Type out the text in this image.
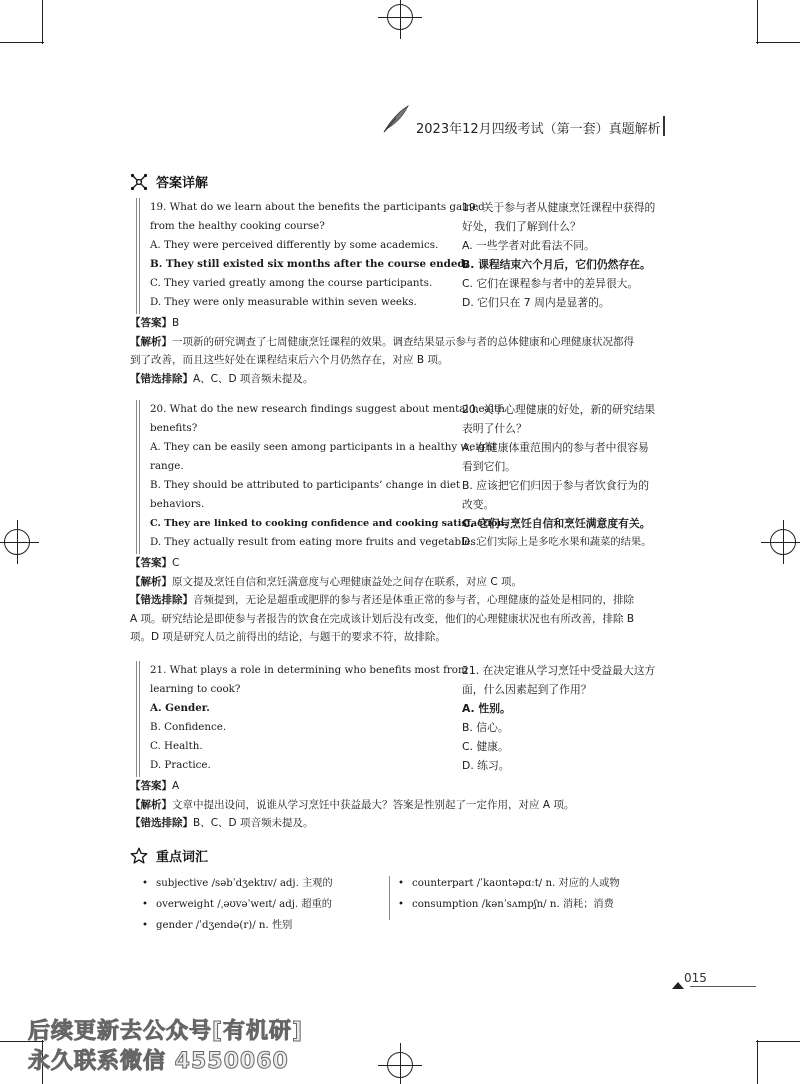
2023年12月四级考试（第一套）真题解析
答案详解

19. What do we learn about the benefits the participants gained

from the healthy cooking course?

A. They were perceived differently by some academics.

B. They still existed six months after the course ended.

C. They varied greatly among the course participants.

D. They were only measurable within seven weeks.

19. 关于参与者从健康烹饪课程中获得的

好处，我们了解到什么？

A. 一些学者对此看法不同。

B. 课程结束六个月后，它们仍然存在。

C. 它们在课程参与者中的差异很大。

D. 它们只在 7 周内是显著的。

【答案】B

【解析】一项新的研究调查了七周健康烹饪课程的效果。调查结果显示参与者的总体健康和心理健康状况都得

到了改善，而且这些好处在课程结束后六个月仍然存在，对应 B 项。

【错选排除】A、C、D 项音频未提及。

20. What do the new research findings suggest about mental health

benefits?

A. They can be easily seen among participants in a healthy weight

range.

B. They should be attributed to participants’ change in diet

behaviors.

C. They are linked to cooking confidence and cooking satisfaction.

D. They actually result from eating more fruits and vegetables.

20. 关于心理健康的好处，新的研究结果

表明了什么？

A. 在健康体重范围内的参与者中很容易

看到它们。

B. 应该把它们归因于参与者饮食行为的

改变。

C. 它们与烹饪自信和烹饪满意度有关。

D. 它们实际上是多吃水果和蔬菜的结果。

【答案】C

【解析】原文提及烹饪自信和烹饪满意度与心理健康益处之间存在联系，对应 C 项。

【错选排除】音频提到，无论是超重或肥胖的参与者还是体重正常的参与者，心理健康的益处是相同的，排除

A 项。研究结论是即使参与者报告的饮食在完成该计划后没有改变，他们的心理健康状况也有所改善，排除 B

项。D 项是研究人员之前得出的结论，与题干的要求不符，故排除。

21. What plays a role in determining who benefits most from

learning to cook?

A. Gender.

B. Confidence.

C. Health.

D. Practice.

21. 在决定谁从学习烹饪中受益最大这方

面，什么因素起到了作用？

A. 性别。

B. 信心。

C. 健康。

D. 练习。

【答案】A

【解析】文章中提出设问，说谁从学习烹饪中获益最大？答案是性别起了一定作用，对应 A 项。

【错选排除】B、C、D 项音频未提及。

重点词汇

• subjective /səbˈdʒektɪv/ adj. 主观的

• overweight /ˌəʊvəˈweɪt/ adj. 超重的

• gender /ˈdʒendə(r)/ n. 性别

• counterpart /ˈkaʊntəpɑːt/ n. 对应的人或物

• consumption /kənˈsʌmpʃn/ n. 消耗；消费

015
后续更新去公众号[有机研]
永久联系微信 4550060
